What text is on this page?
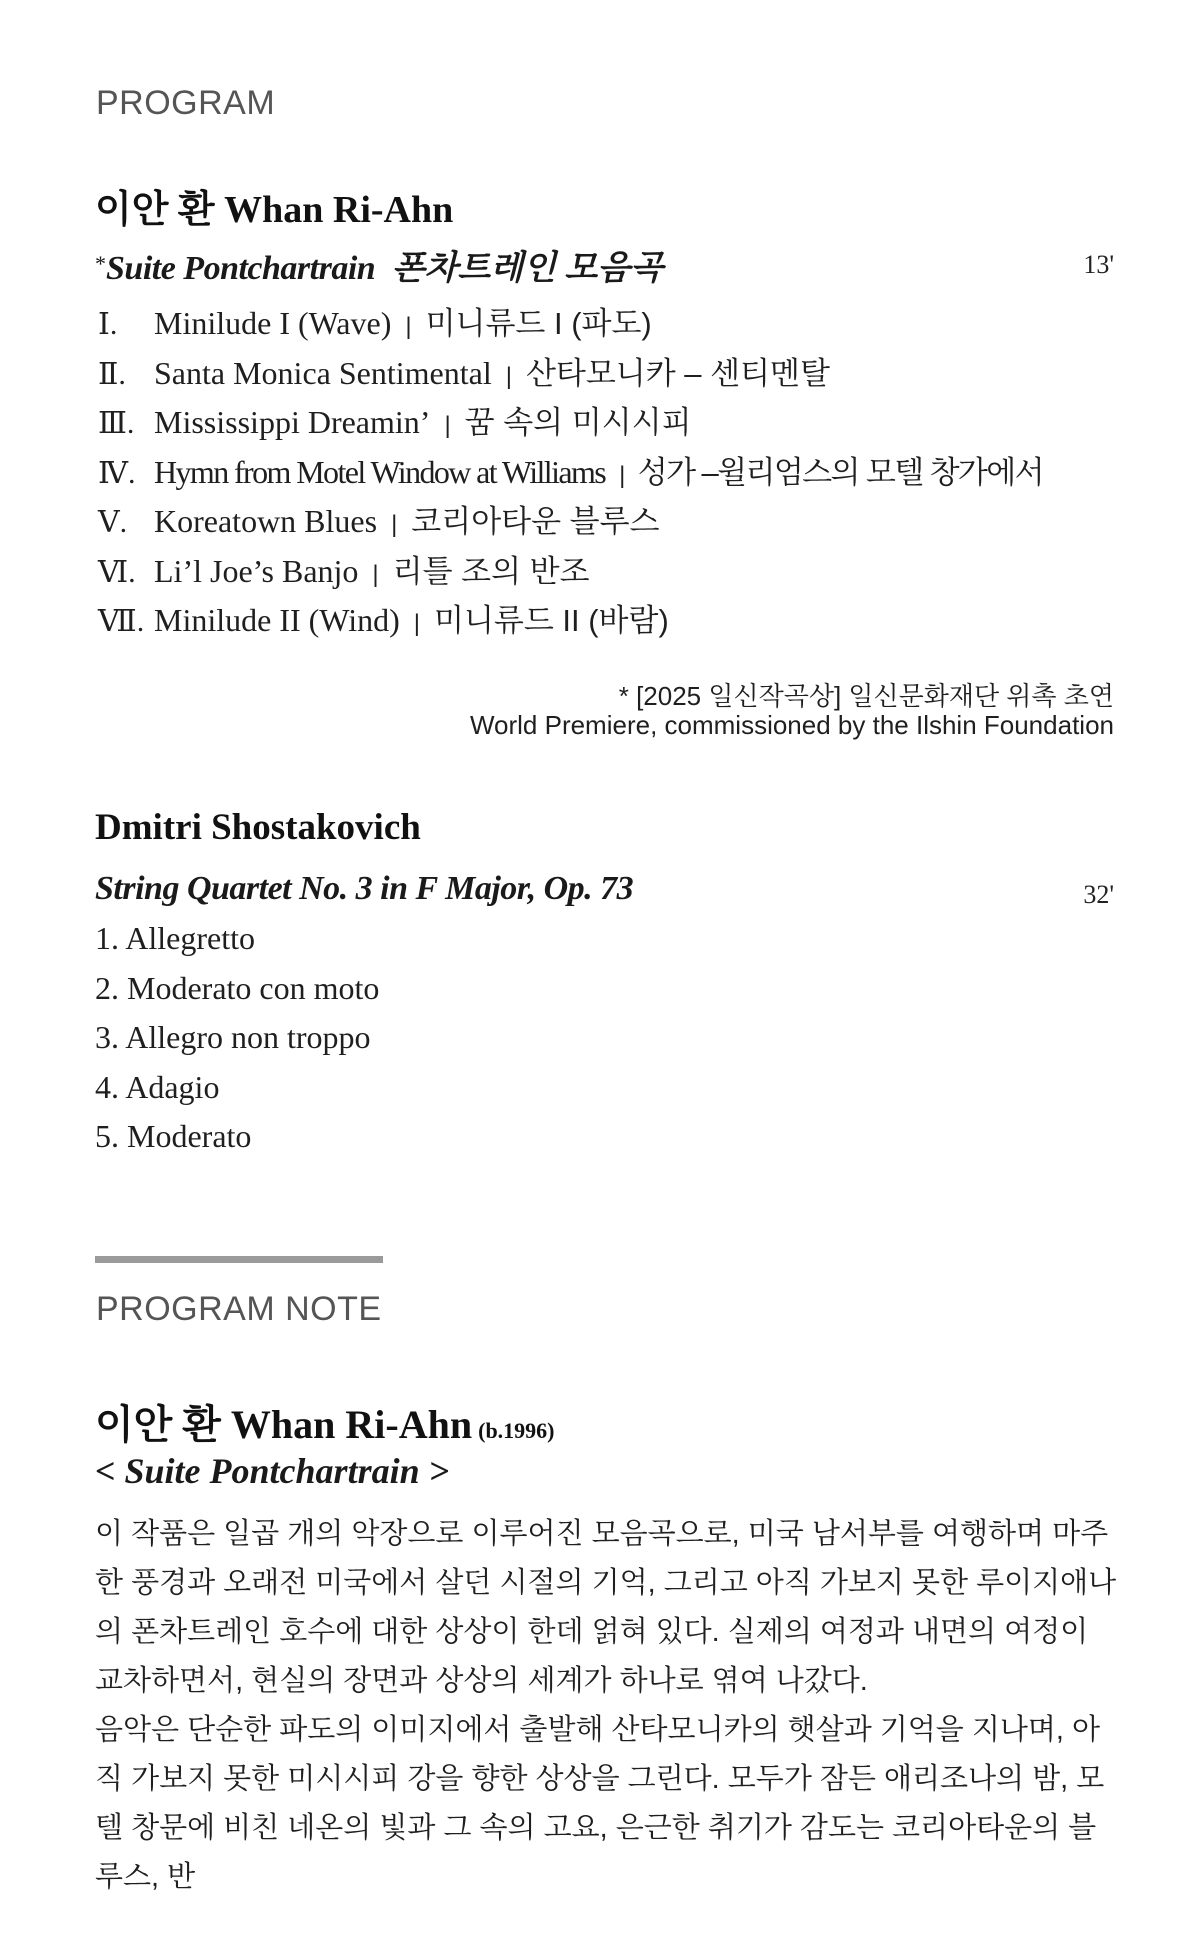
PROGRAM
이안 환 Whan Ri-Ahn
*Suite Pontchartrain 폰차트레인 모음곡	13'
Ⅰ.	Minilude I (Wave) | 미니류드 I (파도)
Ⅱ. Santa Monica Sentimental | 산타모니카 – 센티멘탈
Ⅲ. Mississippi Dreamin’ | 꿈 속의 미시시피
Ⅳ. Hymn from Motel Window at Williams | 성가 –윌리엄스의 모텔 창가에서
Ⅴ. Koreatown Blues | 코리아타운 블루스
Ⅵ. Li’l Joe’s Banjo | 리틀 조의 반조
Ⅶ. Minilude II (Wind) | 미니류드 II (바람)
* [2025 일신작곡상] 일신문화재단 위촉 초연
World Premiere, commissioned by the Ilshin Foundation
Dmitri Shostakovich
String Quartet No. 3 in F Major, Op. 73	32'
1. Allegretto
2. Moderato con moto
3. Allegro non troppo
4. Adagio
5. Moderato
PROGRAM NOTE
이안 환 Whan Ri-Ahn (b.1996)
< Suite Pontchartrain >

이 작품은 일곱 개의 악장으로 이루어진 모음곡으로, 미국 남서부를 여행하며 마주한 풍경과 오래전 미국에서 살던 시절의 기억, 그리고 아직 가보지 못한 루이지애나의 폰차트레인 호수에 대한 상상이 한데 얽혀 있다. 실제의 여정과 내면의 여정이 교차하면서, 현실의 장면과 상상의 세계가 하나로 엮여 나갔다.

음악은 단순한 파도의 이미지에서 출발해 산타모니카의 햇살과 기억을 지나며, 아직 가보지 못한 미시시피 강을 향한 상상을 그린다. 모두가 잠든 애리조나의 밤, 모텔 창문에 비친 네온의 빛과 그 속의 고요, 은근한 취기가 감도는 코리아타운의 블루스, 반
